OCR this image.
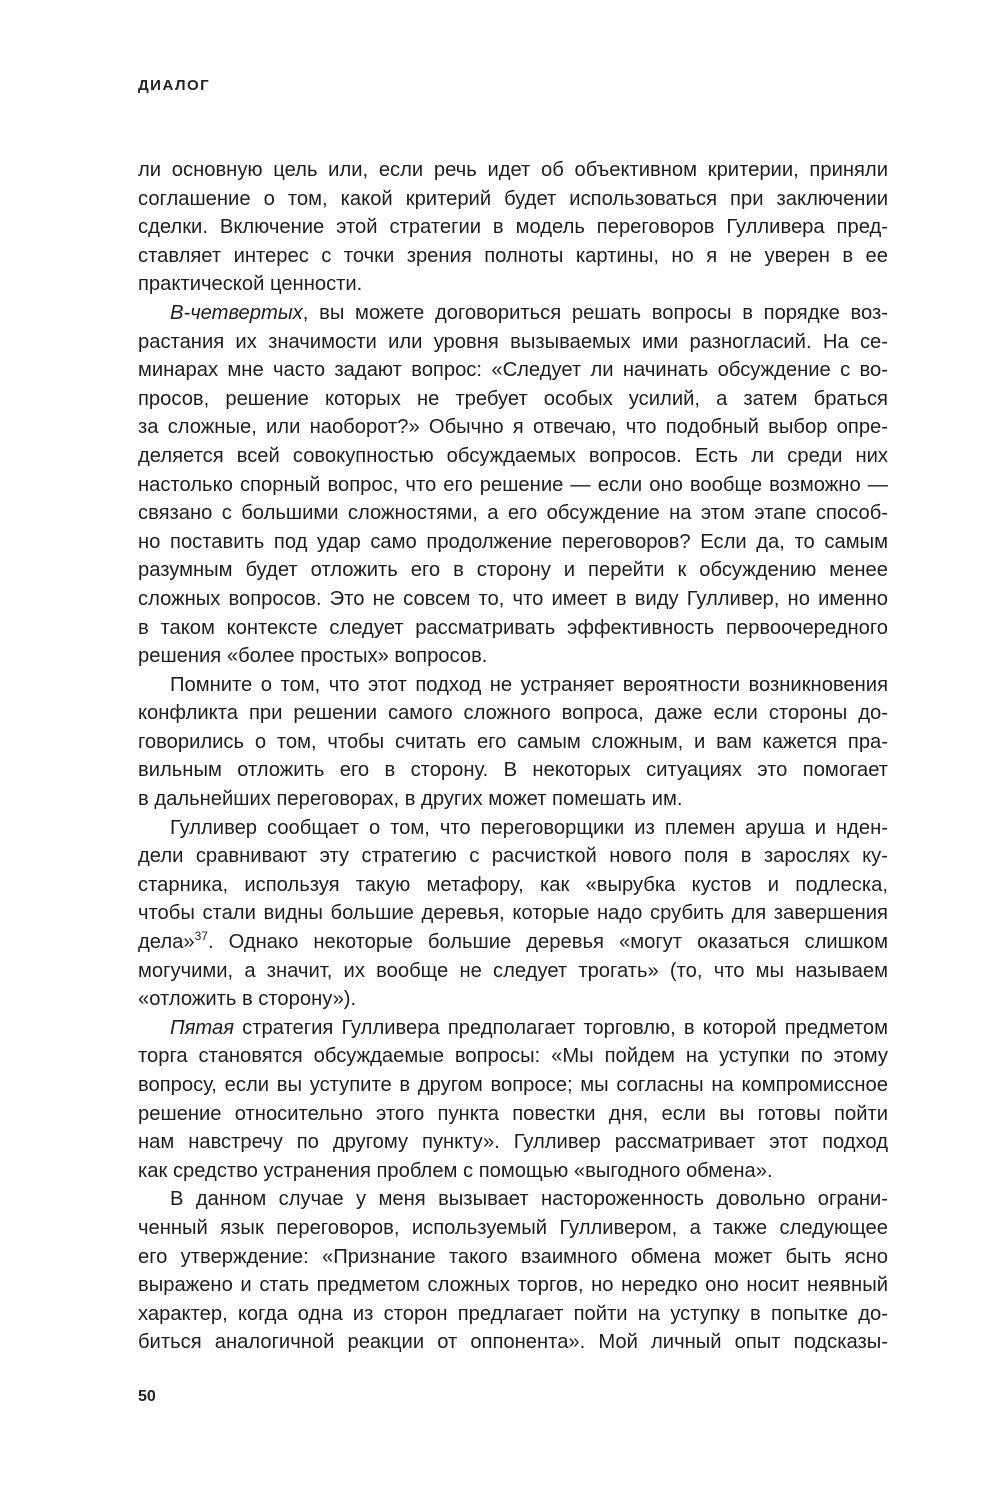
ДИАЛОГ

ли основную цель или, если речь идет об объективном критерии, приняли
соглашение о том, какой критерий будет использоваться при заключении
сделки. Включение этой стратегии в модель переговоров Гулливера пред-
ставляет интерес с точки зрения полноты картины, но я не уверен в ее
практической ценности.

В-четвертых, вы можете договориться решать вопросы в порядке воз-
растания их значимости или уровня вызываемых ими разногласий. На се-
минарах мне часто задают вопрос: «Следует ли начинать обсуждение с во-
просов, решение которых не требует особых усилий, а затем браться
за сложные, или наоборот?» Обычно я отвечаю, что подобный выбор опре-
деляется всей совокупностью обсуждаемых вопросов. Есть ли среди них
настолько спорный вопрос, что его решение — если оно вообще возможно —
связано с большими сложностями, а его обсуждение на этом этапе способ-
но поставить под удар само продолжение переговоров? Если да, то самым
разумным будет отложить его в сторону и перейти к обсуждению менее
сложных вопросов. Это не совсем то, что имеет в виду Гулливер, но именно
в таком контексте следует рассматривать эффективность первоочередного
решения «более простых» вопросов.

Помните о том, что этот подход не устраняет вероятности возникновения
конфликта при решении самого сложного вопроса, даже если стороны до-
говорились о том, чтобы считать его самым сложным, и вам кажется пра-
вильным отложить его в сторону. В некоторых ситуациях это помогает
в дальнейших переговорах, в других может помешать им.

Гулливер сообщает о том, что переговорщики из племен аруша и нден-
дели сравнивают эту стратегию с расчисткой нового поля в зарослях ку-
старника, используя такую метафору, как «вырубка кустов и подлеска,
чтобы стали видны большие деревья, которые надо срубить для завершения
дела»$^{37}$. Однако некоторые большие деревья «могут оказаться слишком
могучими, а значит, их вообще не следует трогать» (то, что мы называем
«отложить в сторону»).

Пятая стратегия Гулливера предполагает торговлю, в которой предметом
торга становятся обсуждаемые вопросы: «Мы пойдем на уступки по этому
вопросу, если вы уступите в другом вопросе; мы согласны на компромиссное
решение относительно этого пункта повестки дня, если вы готовы пойти
нам навстречу по другому пункту». Гулливер рассматривает этот подход
как средство устранения проблем с помощью «выгодного обмена».

В данном случае у меня вызывает настороженность довольно ограни-
ченный язык переговоров, используемый Гулливером, а также следующее
его утверждение: «Признание такого взаимного обмена может быть ясно
выражено и стать предметом сложных торгов, но нередко оно носит неявный
характер, когда одна из сторон предлагает пойти на уступку в попытке до-
биться аналогичной реакции от оппонента». Мой личный опыт подсказы-

50
